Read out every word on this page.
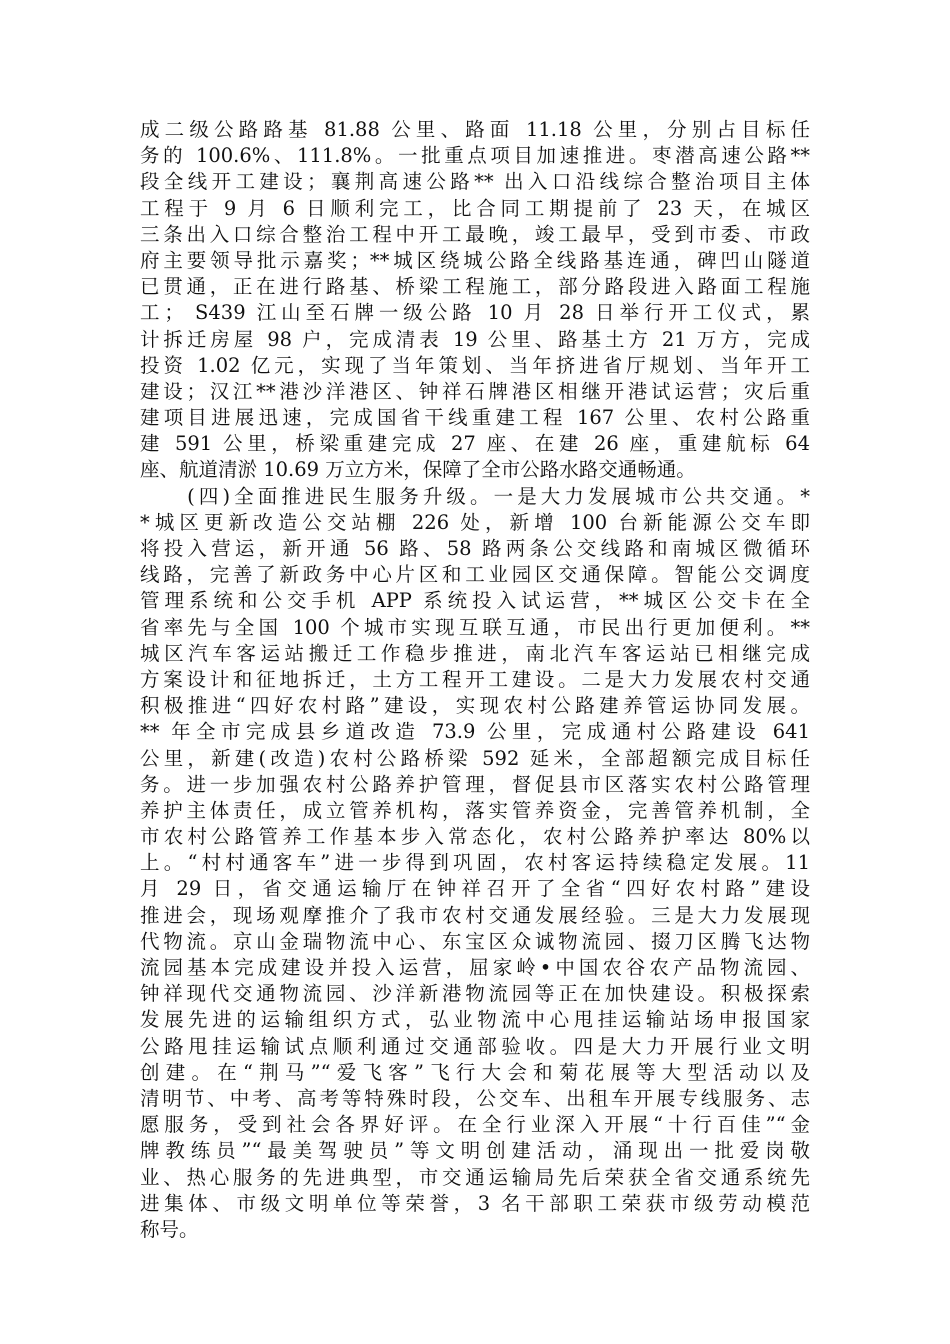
成二级公路路基 81.88 公里、路面 11.18 公里，分别占目标任
务的 100.6%、111.8%。一批重点项目加速推进。枣潜高速公路**
段全线开工建设；襄荆高速公路** 出入口沿线综合整治项目主体
工程于 9 月 6 日顺利完工，比合同工期提前了 23 天，在城区
三条出入口综合整治工程中开工最晚，竣工最早，受到市委、市政
府主要领导批示嘉奖；**城区绕城公路全线路基连通，碑凹山隧道
已贯通，正在进行路基、桥梁工程施工，部分路段进入路面工程施
工； S439 江山至石牌一级公路 10 月 28 日举行开工仪式，累
计拆迁房屋 98 户，完成清表 19 公里、路基土方 21 万方，完成
投资 1.02 亿元，实现了当年策划、当年挤进省厅规划、当年开工
建设；汉江**港沙洋港区、钟祥石牌港区相继开港试运营；灾后重
建项目进展迅速，完成国省干线重建工程 167 公里、农村公路重
建 591 公里，桥梁重建完成 27 座、在建 26 座，重建航标 64
座、航道清淤 10.69 万立方米，保障了全市公路水路交通畅通。
　　(四)全面推进民生服务升级。一是大力发展城市公共交通。*
*城区更新改造公交站棚 226 处，新增 100 台新能源公交车即
将投入营运，新开通 56 路、58 路两条公交线路和南城区微循环
线路，完善了新政务中心片区和工业园区交通保障。智能公交调度
管理系统和公交手机 APP 系统投入试运营，**城区公交卡在全
省率先与全国 100 个城市实现互联互通，市民出行更加便利。**
城区汽车客运站搬迁工作稳步推进，南北汽车客运站已相继完成
方案设计和征地拆迁，土方工程开工建设。二是大力发展农村交通
积极推进“四好农村路”建设，实现农村公路建养管运协同发展。
** 年全市完成县乡道改造 73.9 公里，完成通村公路建设 641
公里，新建(改造)农村公路桥梁 592 延米，全部超额完成目标任
务。进一步加强农村公路养护管理，督促县市区落实农村公路管理
养护主体责任，成立管养机构，落实管养资金，完善管养机制，全
市农村公路管养工作基本步入常态化，农村公路养护率达 80%以
上。“村村通客车”进一步得到巩固，农村客运持续稳定发展。11
月 29 日，省交通运输厅在钟祥召开了全省“四好农村路”建设
推进会，现场观摩推介了我市农村交通发展经验。三是大力发展现
代物流。京山金瑞物流中心、东宝区众诚物流园、掇刀区腾飞达物
流园基本完成建设并投入运营，屈家岭•中国农谷农产品物流园、
钟祥现代交通物流园、沙洋新港物流园等正在加快建设。积极探索
发展先进的运输组织方式，弘业物流中心甩挂运输站场申报国家
公路甩挂运输试点顺利通过交通部验收。四是大力开展行业文明
创建。在“荆马”“爱飞客”飞行大会和菊花展等大型活动以及
清明节、中考、高考等特殊时段，公交车、出租车开展专线服务、志
愿服务，受到社会各界好评。在全行业深入开展“十行百佳”“金
牌教练员”“最美驾驶员”等文明创建活动，涌现出一批爱岗敬
业、热心服务的先进典型，市交通运输局先后荣获全省交通系统先
进集体、市级文明单位等荣誉，3 名干部职工荣获市级劳动模范
称号。
